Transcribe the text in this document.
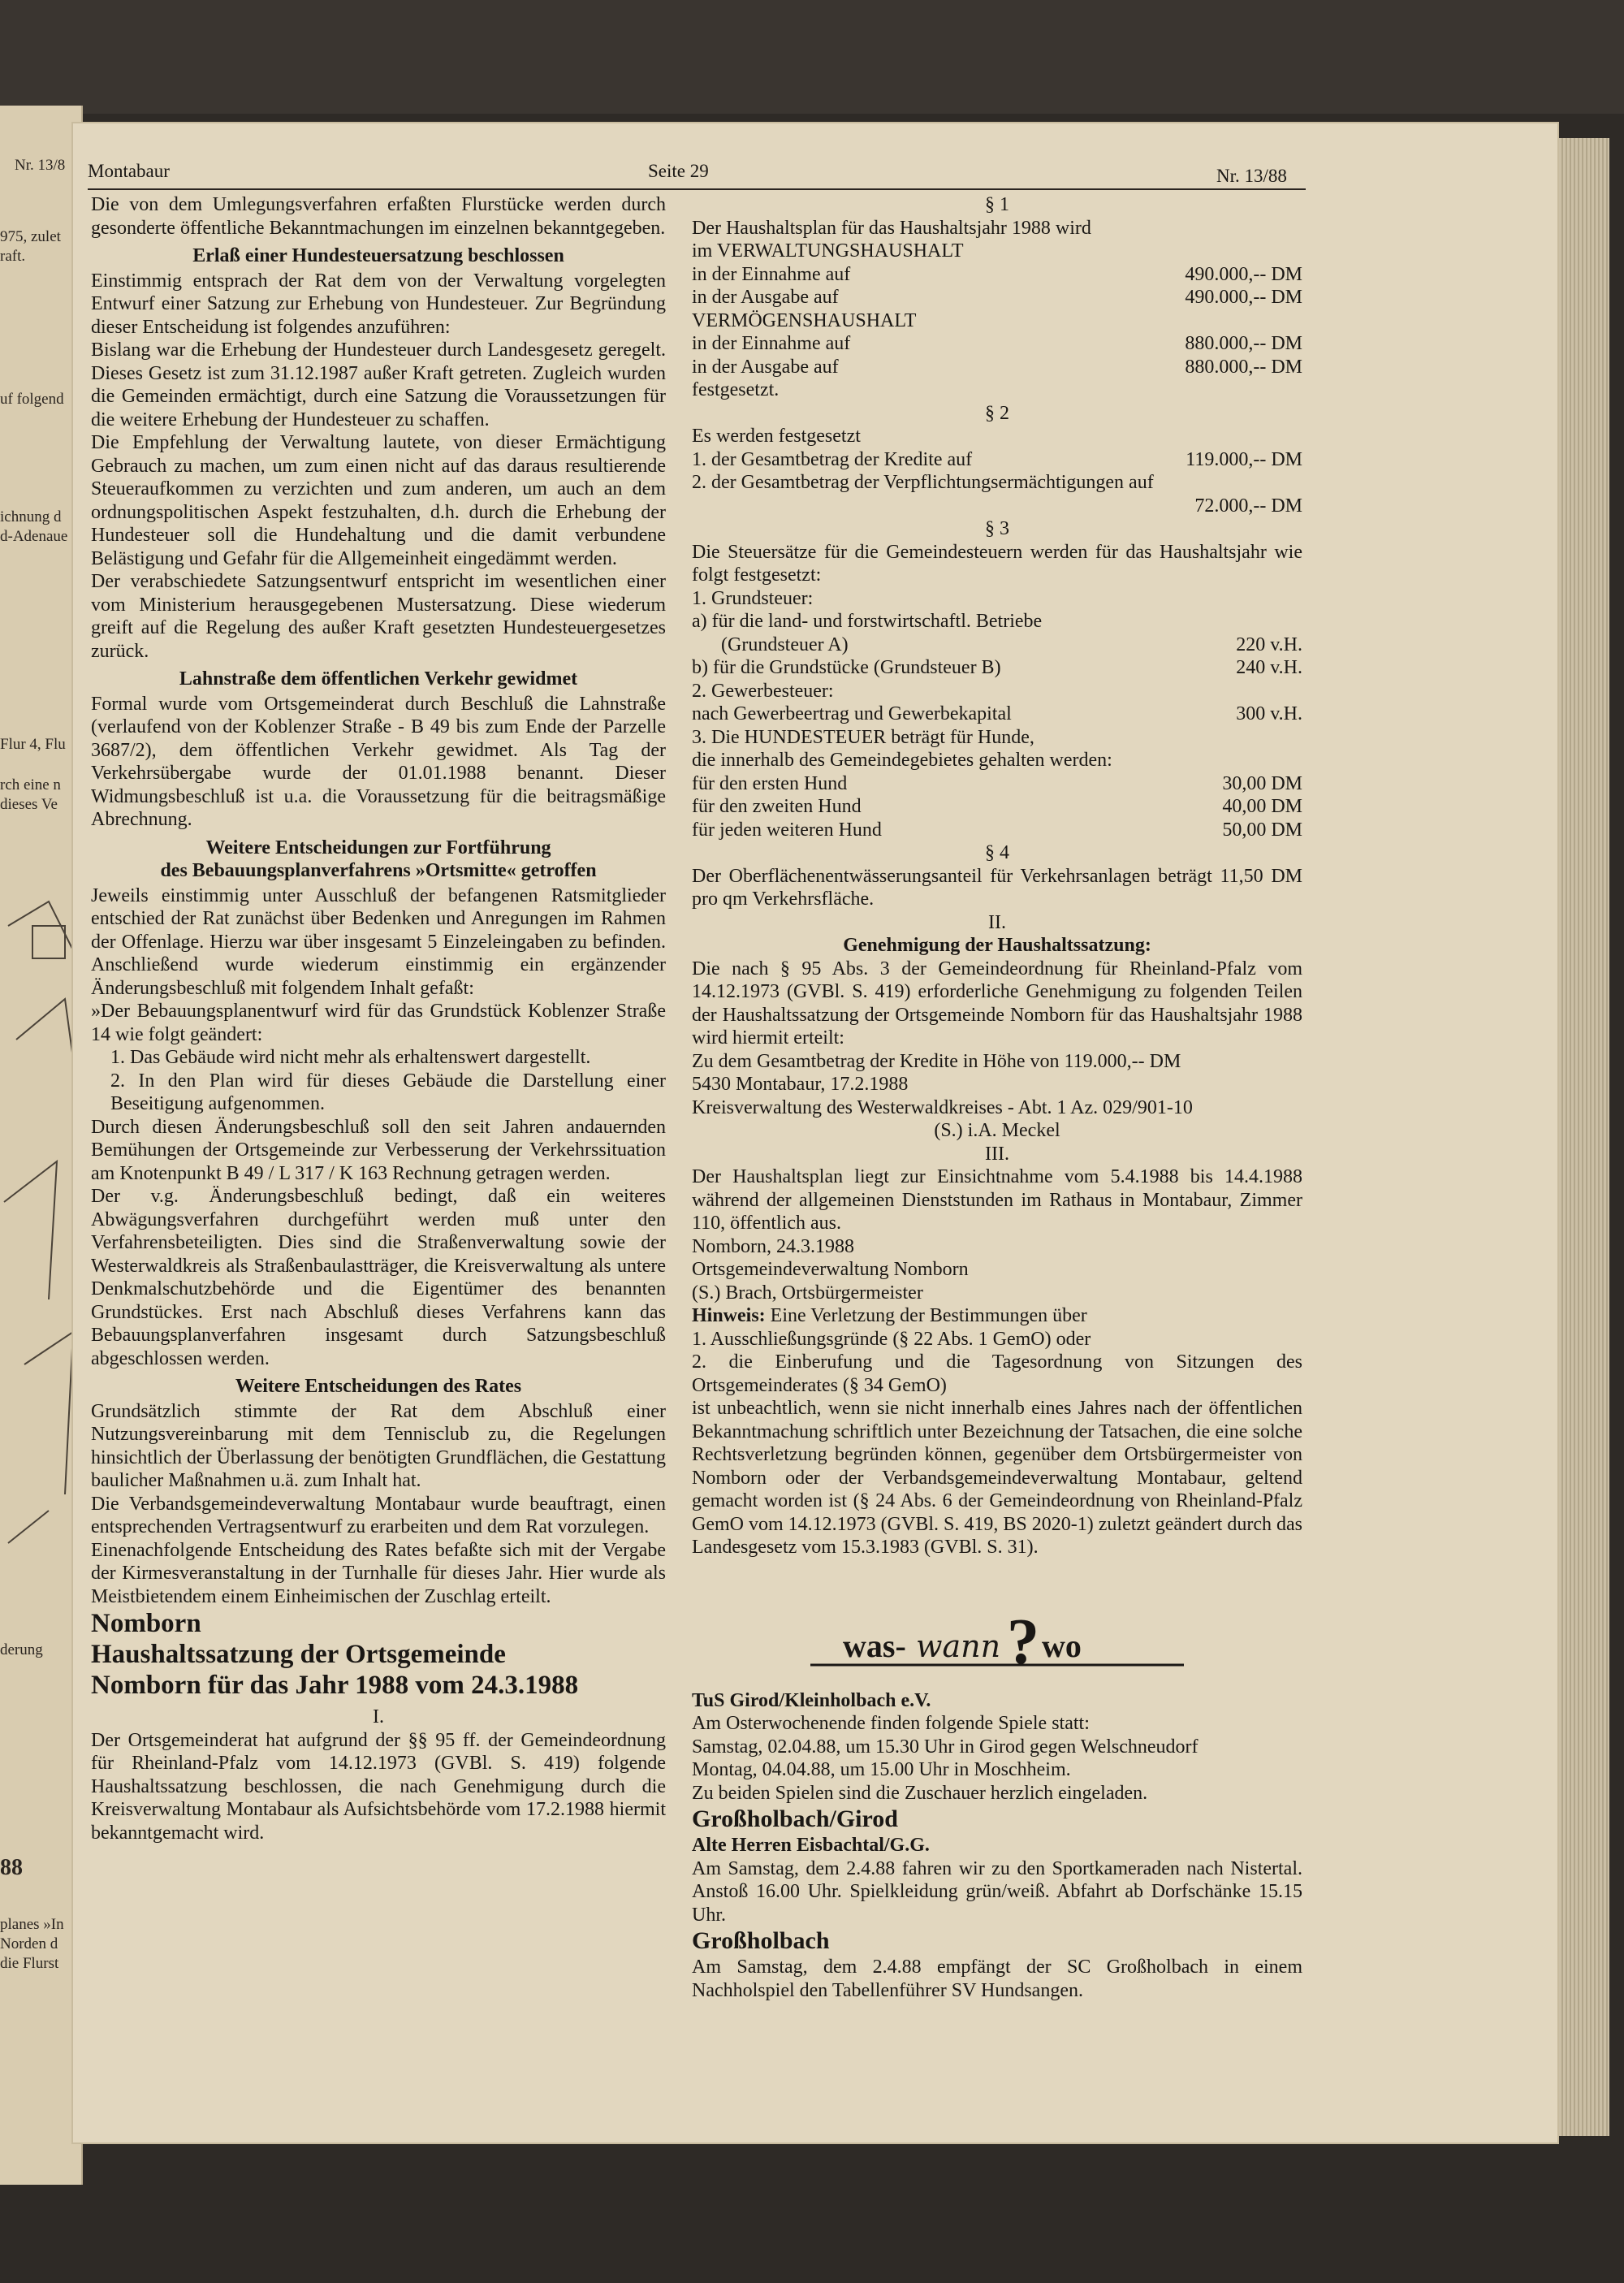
Nr. 13/8
975, zulet
raft.
uf folgend
ichnung d
d-Adenaue
Flur 4, Flu
rch eine n
dieses Ve
derung
88
planes »In
Norden d
die Flurst
Montabaur	Seite 29	Nr. 13/88

Die von dem Umlegungsverfahren erfaßten Flurstücke werden durch gesonderte öffentliche Bekanntmachungen im einzelnen bekanntgegeben.

Erlaß einer Hundesteuersatzung beschlossen

Einstimmig entsprach der Rat dem von der Verwaltung vorgelegten Entwurf einer Satzung zur Erhebung von Hundesteuer. Zur Begründung dieser Entscheidung ist folgendes anzuführen:

Bislang war die Erhebung der Hundesteuer durch Landesgesetz geregelt. Dieses Gesetz ist zum 31.12.1987 außer Kraft getreten. Zugleich wurden die Gemeinden ermächtigt, durch eine Satzung die Voraussetzungen für die weitere Erhebung der Hundesteuer zu schaffen.

Die Empfehlung der Verwaltung lautete, von dieser Ermächtigung Gebrauch zu machen, um zum einen nicht auf das daraus resultierende Steueraufkommen zu verzichten und zum anderen, um auch an dem ordnungspolitischen Aspekt festzuhalten, d.h. durch die Erhebung der Hundesteuer soll die Hundehaltung und die damit verbundene Belästigung und Gefahr für die Allgemeinheit eingedämmt werden.

Der verabschiedete Satzungsentwurf entspricht im wesentlichen einer vom Ministerium herausgegebenen Mustersatzung. Diese wiederum greift auf die Regelung des außer Kraft gesetzten Hundesteuergesetzes zurück.

Lahnstraße dem öffentlichen Verkehr gewidmet

Formal wurde vom Ortsgemeinderat durch Beschluß die Lahnstraße (verlaufend von der Koblenzer Straße - B 49 bis zum Ende der Parzelle 3687/2), dem öffentlichen Verkehr gewidmet. Als Tag der Verkehrsübergabe wurde der 01.01.1988 benannt. Dieser Widmungsbeschluß ist u.a. die Voraussetzung für die beitragsmäßige Abrechnung.

Weitere Entscheidungen zur Fortführung

des Bebauungsplanverfahrens »Ortsmitte« getroffen

Jeweils einstimmig unter Ausschluß der befangenen Ratsmitglieder entschied der Rat zunächst über Bedenken und Anregungen im Rahmen der Offenlage. Hierzu war über insgesamt 5 Einzeleingaben zu befinden. Anschließend wurde wiederum einstimmig ein ergänzender Änderungsbeschluß mit folgendem Inhalt gefaßt:

»Der Bebauungsplanentwurf wird für das Grundstück Koblenzer Straße 14 wie folgt geändert:

1. Das Gebäude wird nicht mehr als erhaltenswert dargestellt.

2. In den Plan wird für dieses Gebäude die Darstellung einer Beseitigung aufgenommen.

Durch diesen Änderungsbeschluß soll den seit Jahren andauernden Bemühungen der Ortsgemeinde zur Verbesserung der Verkehrssituation am Knotenpunkt B 49 / L 317 / K 163 Rechnung getragen werden.

Der v.g. Änderungsbeschluß bedingt, daß ein weiteres Abwägungsverfahren durchgeführt werden muß unter den Verfahrensbeteiligten. Dies sind die Straßenverwaltung sowie der Westerwaldkreis als Straßenbaulastträger, die Kreisverwaltung als untere Denkmalschutzbehörde und die Eigentümer des benannten Grundstückes. Erst nach Abschluß dieses Verfahrens kann das Bebauungsplanverfahren insgesamt durch Satzungsbeschluß abgeschlossen werden.

Weitere Entscheidungen des Rates

Grundsätzlich stimmte der Rat dem Abschluß einer Nutzungsvereinbarung mit dem Tennisclub zu, die Regelungen hinsichtlich der Überlassung der benötigten Grundflächen, die Gestattung baulicher Maßnahmen u.ä. zum Inhalt hat.

Die Verbandsgemeindeverwaltung Montabaur wurde beauftragt, einen entsprechenden Vertragsentwurf zu erarbeiten und dem Rat vorzulegen.

Einenachfolgende Entscheidung des Rates befaßte sich mit der Vergabe der Kirmesveranstaltung in der Turnhalle für dieses Jahr. Hier wurde als Meistbietendem einem Einheimischen der Zuschlag erteilt.

Nomborn

Haushaltssatzung der Ortsgemeinde

Nomborn für das Jahr 1988 vom 24.3.1988

I.

Der Ortsgemeinderat hat aufgrund der §§ 95 ff. der Gemeindeordnung für Rheinland-Pfalz vom 14.12.1973 (GVBl. S. 419) folgende Haushaltssatzung beschlossen, die nach Genehmigung durch die Kreisverwaltung Montabaur als Aufsichtsbehörde vom 17.2.1988 hiermit bekanntgemacht wird.

§ 1

Der Haushaltsplan für das Haushaltsjahr 1988 wird

im VERWALTUNGSHAUSHALT

in der Einnahme auf	490.000,-- DM
in der Ausgabe auf	490.000,-- DM

VERMÖGENSHAUSHALT

in der Einnahme auf	880.000,-- DM
in der Ausgabe auf	880.000,-- DM

festgesetzt.

§ 2

Es werden festgesetzt

1. der Gesamtbetrag der Kredite auf	119.000,-- DM

2. der Gesamtbetrag der Verpflichtungsermächtigungen auf

72.000,-- DM

§ 3

Die Steuersätze für die Gemeindesteuern werden für das Haushaltsjahr wie folgt festgesetzt:

1. Grundsteuer:

a) für die land- und forstwirtschaftl. Betriebe

(Grundsteuer A)	220 v.H.
b) für die Grundstücke (Grundsteuer B)	240 v.H.

2. Gewerbesteuer:

nach Gewerbeertrag und Gewerbekapital	300 v.H.

3. Die HUNDESTEUER beträgt für Hunde,

die innerhalb des Gemeindegebietes gehalten werden:

für den ersten Hund	30,00 DM
für den zweiten Hund	40,00 DM
für jeden weiteren Hund	50,00 DM

§ 4

Der Oberflächenentwässerungsanteil für Verkehrsanlagen beträgt 11,50 DM pro qm Verkehrsfläche.

II.

Genehmigung der Haushaltssatzung:

Die nach § 95 Abs. 3 der Gemeindeordnung für Rheinland-Pfalz vom 14.12.1973 (GVBl. S. 419) erforderliche Genehmigung zu folgenden Teilen der Haushaltssatzung der Ortsgemeinde Nomborn für das Haushaltsjahr 1988 wird hiermit erteilt:

Zu dem Gesamtbetrag der Kredite in Höhe von 119.000,-- DM

5430 Montabaur, 17.2.1988

Kreisverwaltung des Westerwaldkreises - Abt. 1 Az. 029/901-10

(S.) i.A. Meckel

III.

Der Haushaltsplan liegt zur Einsichtnahme vom 5.4.1988 bis 14.4.1988 während der allgemeinen Dienststunden im Rathaus in Montabaur, Zimmer 110, öffentlich aus.

Nomborn, 24.3.1988

Ortsgemeindeverwaltung Nomborn

(S.) Brach, Ortsbürgermeister

Hinweis: Eine Verletzung der Bestimmungen über

1. Ausschließungsgründe (§ 22 Abs. 1 GemO) oder

2. die Einberufung und die Tagesordnung von Sitzungen des Ortsgemeinderates (§ 34 GemO)

ist unbeachtlich, wenn sie nicht innerhalb eines Jahres nach der öffentlichen Bekanntmachung schriftlich unter Bezeichnung der Tatsachen, die eine solche Rechtsverletzung begründen können, gegenüber dem Ortsbürgermeister von Nomborn oder der Verbandsgemeindeverwaltung Montabaur, geltend gemacht worden ist (§ 24 Abs. 6 der Gemeindeordnung von Rheinland-Pfalz GemO vom 14.12.1973 (GVBl. S. 419, BS 2020-1) zuletzt geändert durch das Landesgesetz vom 15.3.1983 (GVBl. S. 31).

was- wann ? wo

TuS Girod/Kleinholbach e.V.

Am Osterwochenende finden folgende Spiele statt:

Samstag, 02.04.88, um 15.30 Uhr in Girod gegen Welschneudorf

Montag, 04.04.88, um 15.00 Uhr in Moschheim.

Zu beiden Spielen sind die Zuschauer herzlich eingeladen.

Großholbach/Girod

Alte Herren Eisbachtal/G.G.

Am Samstag, dem 2.4.88 fahren wir zu den Sportkameraden nach Nistertal. Anstoß 16.00 Uhr. Spielkleidung grün/weiß. Abfahrt ab Dorfschänke 15.15 Uhr.

Großholbach

Am Samstag, dem 2.4.88 empfängt der SC Großholbach in einem Nachholspiel den Tabellenführer SV Hundsangen.
